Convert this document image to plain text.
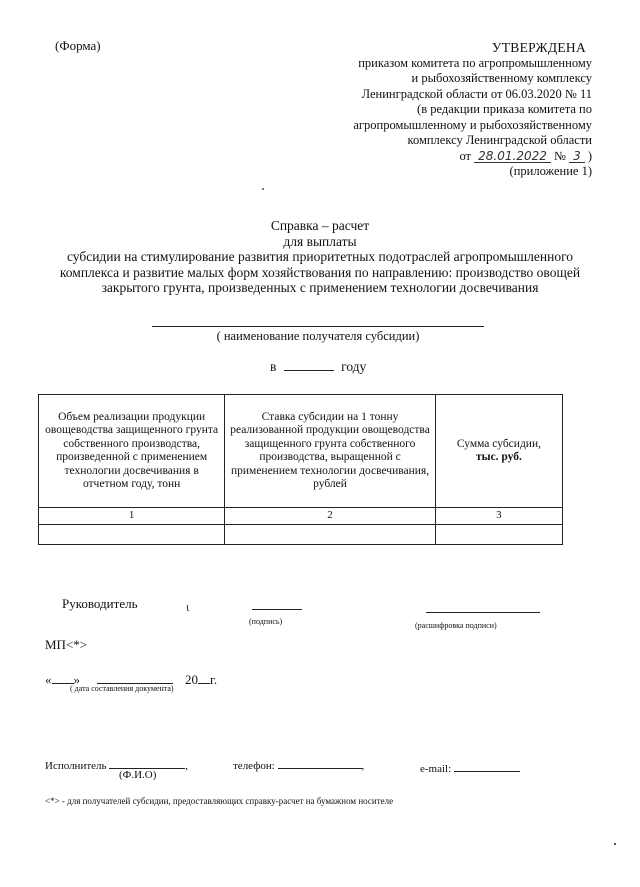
(Форма)	УТВЕРЖДЕНА
приказом комитета по агропромышленному
и рыбохозяйственному комплексу
Ленинградской области от 06.03.2020 № 11
(в редакции приказа комитета по
агропромышленному и рыбохозяйственному
комплексу Ленинградской области
от 28.01.2022 № 3 )
(приложение 1)
Справка – расчет
для выплаты
субсидии на стимулирование развития приоритетных подотраслей агропромышленного
комплекса и развитие малых форм хозяйствования по направлению: производство овощей
закрытого грунта, произведенных с применением технологии досвечивания
( наименование получателя субсидии)
в	году
Объем реализации продукции овощеводства защищенного грунта собственного производства, произведенной с применением технологии досвечивания в отчетном году, тонн	Ставка субсидии на 1 тонну реализованной продукции овощеводства защищенного грунта собственного производства, выращенной с применением технологии досвечивания, рублей	Сумма субсидии,
тыс. руб.
1	2	3

Руководитель	ɩ
(подпись)	(расшифровка подписи)
МП<*>
« »	20 г.
( дата составления документа)
Исполнитель	,
(Ф.И.О)
телефон:	,	e-mail:
<*> - для получателей субсидии, предоставляющих справку-расчет на бумажном носителе
